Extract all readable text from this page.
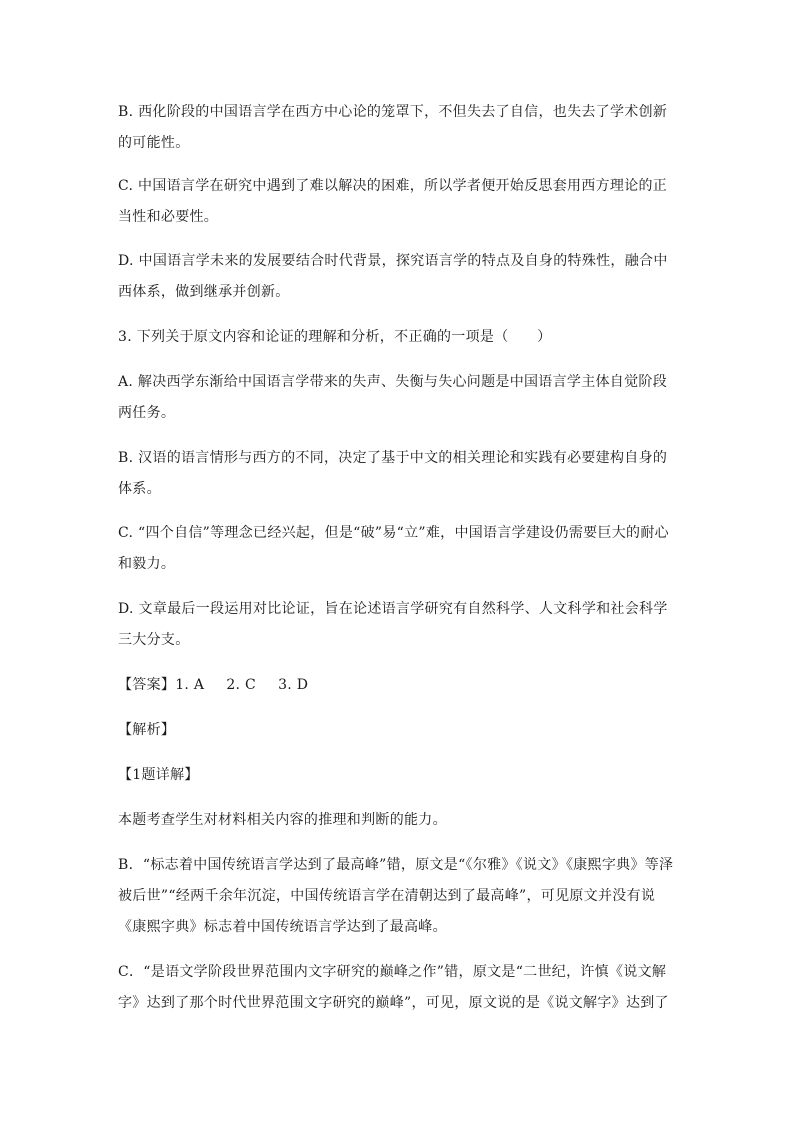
B. 西化阶段的中国语言学在西方中心论的笼罩下，不但失去了自信，也失去了学术创新的可能性。

C. 中国语言学在研究中遇到了难以解决的困难，所以学者便开始反思套用西方理论的正当性和必要性。

D. 中国语言学未来的发展要结合时代背景，探究语言学的特点及自身的特殊性，融合中西体系，做到继承并创新。

3. 下列关于原文内容和论证的理解和分析，不正确的一项是（　　）

A. 解决西学东渐给中国语言学带来的失声、失衡与失心问题是中国语言学主体自觉阶段两任务。

B. 汉语的语言情形与西方的不同，决定了基于中文的相关理论和实践有必要建构自身的体系。

C. “四个自信”等理念已经兴起，但是“破”易“立”难，中国语言学建设仍需要巨大的耐心和毅力。

D. 文章最后一段运用对比论证，旨在论述语言学研究有自然科学、人文科学和社会科学三大分支。

【答案】1. A 2. C 3. D

【解析】

【1题详解】

本题考查学生对材料相关内容的推理和判断的能力。

B．“标志着中国传统语言学达到了最高峰”错，原文是“《尔雅》《说文》《康熙字典》等泽被后世”“经两千余年沉淀，中国传统语言学在清朝达到了最高峰”，可见原文并没有说《康熙字典》标志着中国传统语言学达到了最高峰。

C．“是语文学阶段世界范围内文字研究的巅峰之作”错，原文是“二世纪，许慎《说文解字》达到了那个时代世界范围文字研究的巅峰”，可见，原文说的是《说文解字》达到了
